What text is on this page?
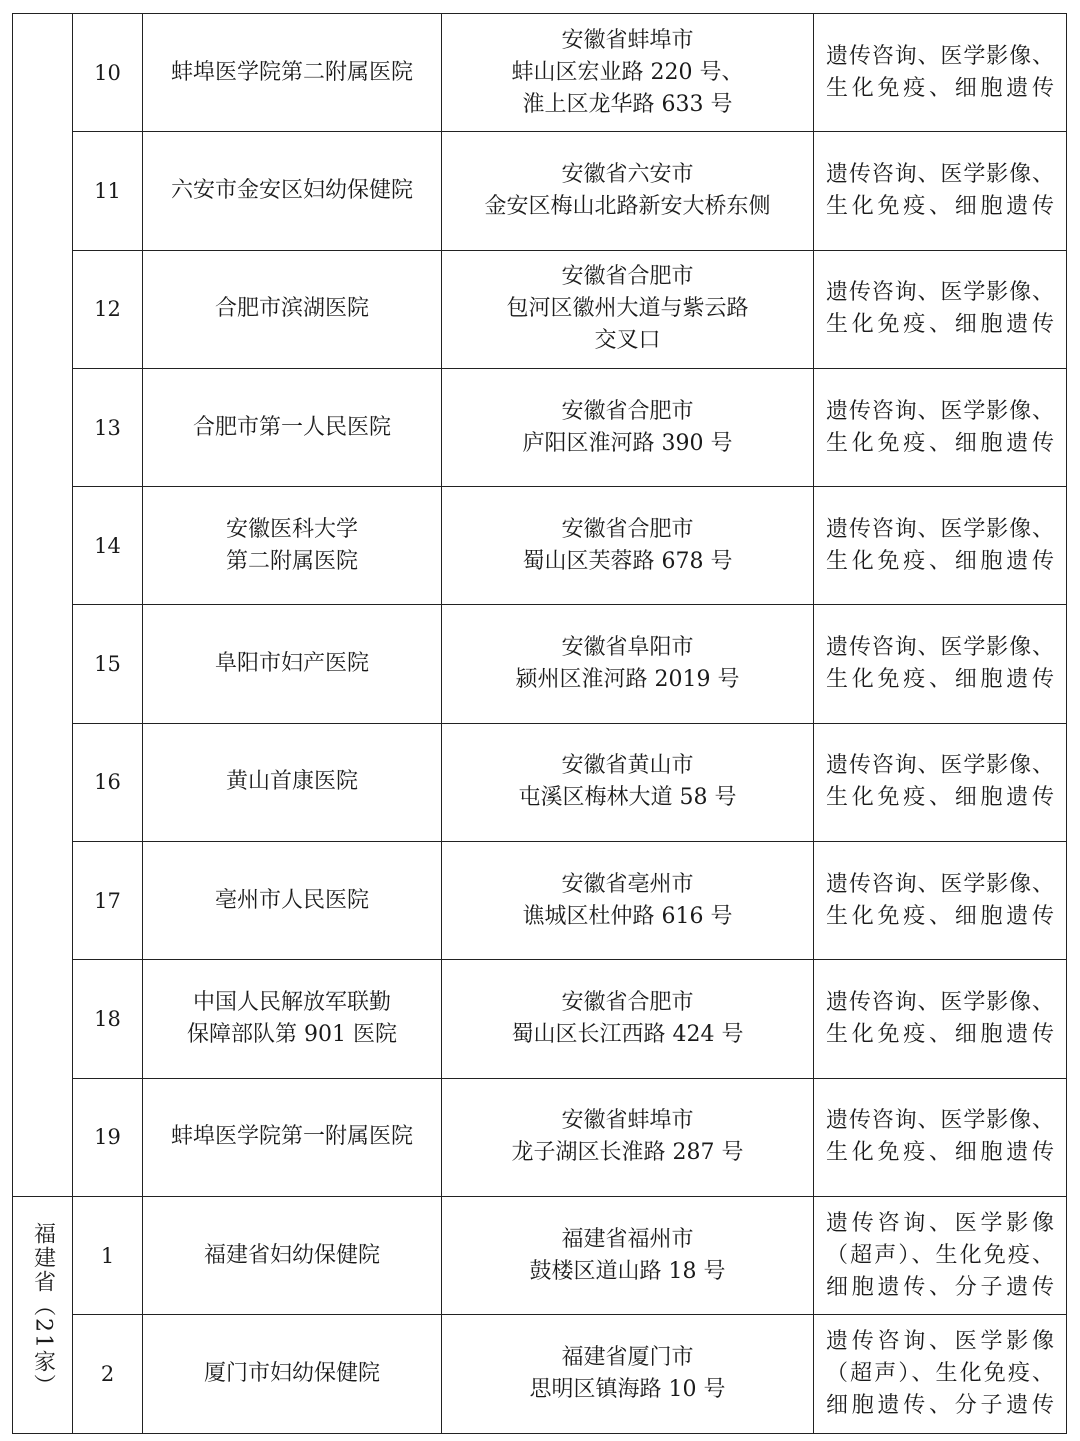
	10	蚌埠医学院第二附属医院	安徽省蚌埠市
蚌山区宏业路 220 号、
淮上区龙华路 633 号	遗传咨询、医学影像、
生化免疫、细胞遗传

	11	六安市金安区妇幼保健院	安徽省六安市
金安区梅山北路新安大桥东侧	遗传咨询、医学影像、
生化免疫、细胞遗传

	12	合肥市滨湖医院	安徽省合肥市
包河区徽州大道与紫云路
交叉口	遗传咨询、医学影像、
生化免疫、细胞遗传

	13	合肥市第一人民医院	安徽省合肥市
庐阳区淮河路 390 号	遗传咨询、医学影像、
生化免疫、细胞遗传

	14	安徽医科大学
第二附属医院	安徽省合肥市
蜀山区芙蓉路 678 号	遗传咨询、医学影像、
生化免疫、细胞遗传

	15	阜阳市妇产医院	安徽省阜阳市
颍州区淮河路 2019 号	遗传咨询、医学影像、
生化免疫、细胞遗传

	16	黄山首康医院	安徽省黄山市
屯溪区梅林大道 58 号	遗传咨询、医学影像、
生化免疫、细胞遗传

	17	亳州市人民医院	安徽省亳州市
谯城区杜仲路 616 号	遗传咨询、医学影像、
生化免疫、细胞遗传

	18	中国人民解放军联勤
保障部队第 901 医院	安徽省合肥市
蜀山区长江西路 424 号	遗传咨询、医学影像、
生化免疫、细胞遗传

	19	蚌埠医学院第一附属医院	安徽省蚌埠市
龙子湖区长淮路 287 号	遗传咨询、医学影像、
生化免疫、细胞遗传

福建省（21家）	1	福建省妇幼保健院	福建省福州市
鼓楼区道山路 18 号	遗传咨询、医学影像
（超声）、生化免疫、
细胞遗传、分子遗传

	2	厦门市妇幼保健院	福建省厦门市
思明区镇海路 10 号	遗传咨询、医学影像
（超声）、生化免疫、
细胞遗传、分子遗传
